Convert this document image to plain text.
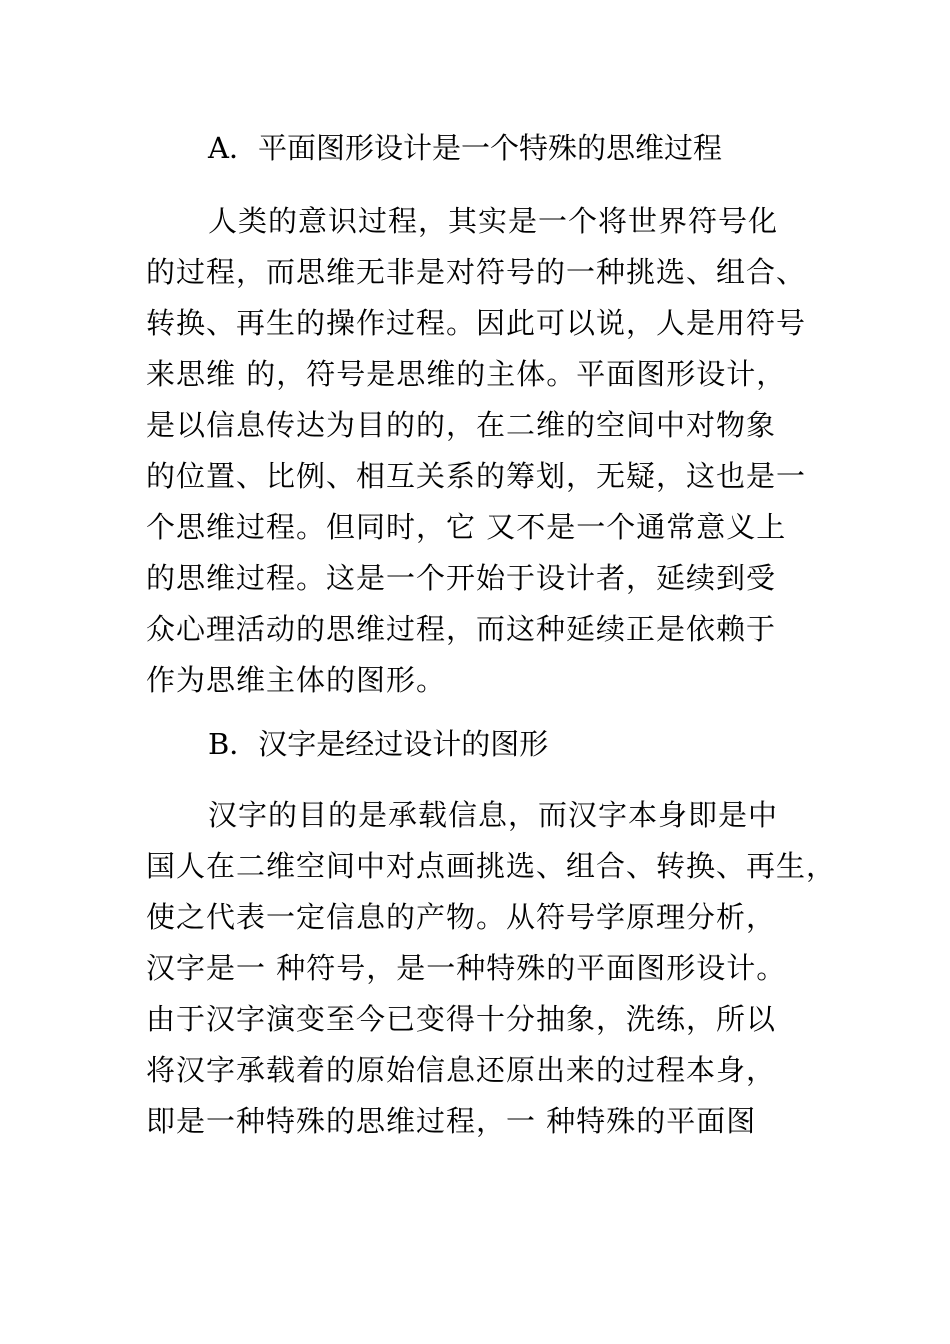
A．平面图形设计是一个特殊的思维过程
人类的意识过程，其实是一个将世界符号化
的过程，而思维无非是对符号的一种挑选、组合、
转换、再生的操作过程。因此可以说，人是用符号
来思维 的，符号是思维的主体。平面图形设计，
是以信息传达为目的的，在二维的空间中对物象
的位置、比例、相互关系的筹划，无疑，这也是一
个思维过程。但同时，它 又不是一个通常意义上
的思维过程。这是一个开始于设计者，延续到受
众心理活动的思维过程，而这种延续正是依赖于
作为思维主体的图形。
B．汉字是经过设计的图形
汉字的目的是承载信息，而汉字本身即是中
国人在二维空间中对点画挑选、组合、转换、再生，
使之代表一定信息的产物。从符号学原理分析，
汉字是一 种符号，是一种特殊的平面图形设计。
由于汉字演变至今已变得十分抽象，洗练，所以
将汉字承载着的原始信息还原出来的过程本身，
即是一种特殊的思维过程，一 种特殊的平面图
